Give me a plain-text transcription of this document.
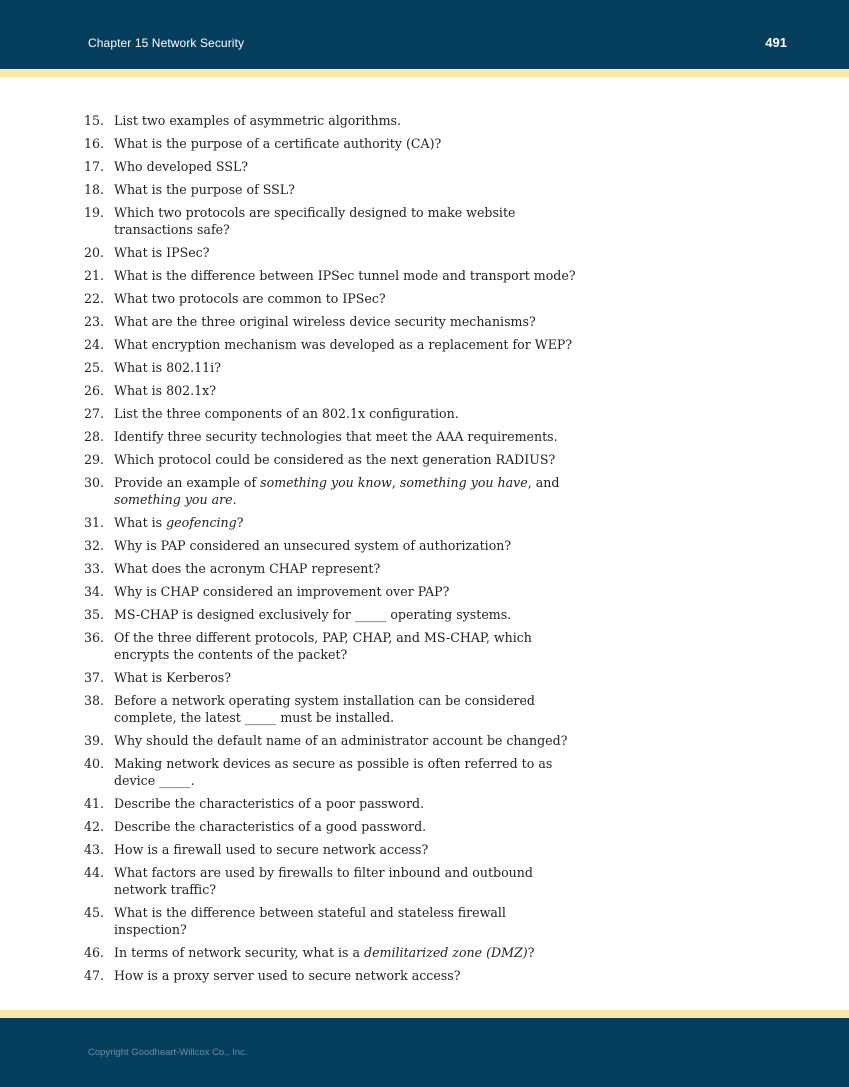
Chapter 15 Network Security	491
15. List two examples of asymmetric algorithms.
16. What is the purpose of a certificate authority (CA)?
17. Who developed SSL?
18. What is the purpose of SSL?
19. Which two protocols are specifically designed to make website transactions safe?
20. What is IPSec?
21. What is the difference between IPSec tunnel mode and transport mode?
22. What two protocols are common to IPSec?
23. What are the three original wireless device security mechanisms?
24. What encryption mechanism was developed as a replacement for WEP?
25. What is 802.11i?
26. What is 802.1x?
27. List the three components of an 802.1x configuration.
28. Identify three security technologies that meet the AAA requirements.
29. Which protocol could be considered as the next generation RADIUS?
30. Provide an example of something you know, something you have, and something you are.
31. What is geofencing?
32. Why is PAP considered an unsecured system of authorization?
33. What does the acronym CHAP represent?
34. Why is CHAP considered an improvement over PAP?
35. MS-CHAP is designed exclusively for _____ operating systems.
36. Of the three different protocols, PAP, CHAP, and MS-CHAP, which encrypts the contents of the packet?
37. What is Kerberos?
38. Before a network operating system installation can be considered complete, the latest _____ must be installed.
39. Why should the default name of an administrator account be changed?
40. Making network devices as secure as possible is often referred to as device _____.
41. Describe the characteristics of a poor password.
42. Describe the characteristics of a good password.
43. How is a firewall used to secure network access?
44. What factors are used by firewalls to filter inbound and outbound network traffic?
45. What is the difference between stateful and stateless firewall inspection?
46. In terms of network security, what is a demilitarized zone (DMZ)?
47. How is a proxy server used to secure network access?
Copyright Goodheart-Willcox Co., Inc.
